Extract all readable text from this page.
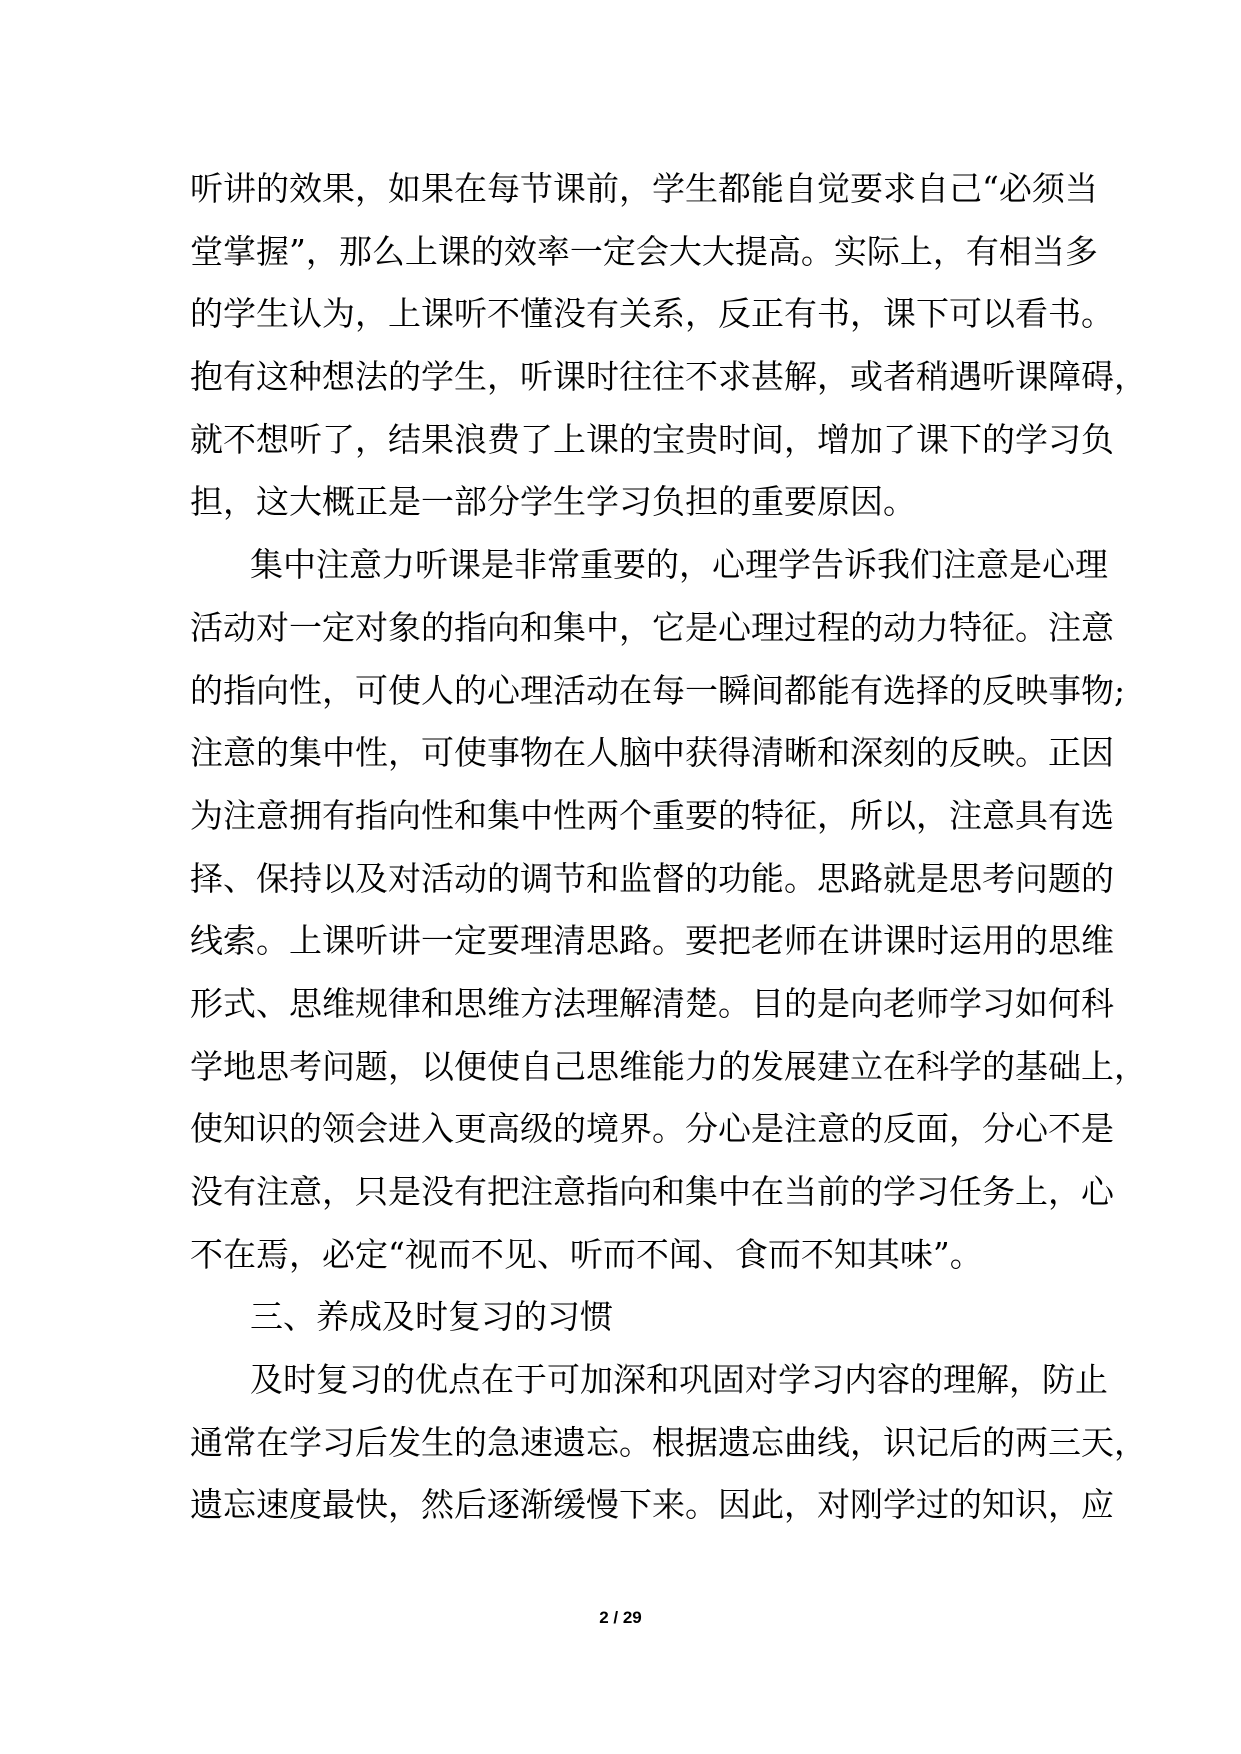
听讲的效果，如果在每节课前，学生都能自觉要求自己“必须当
堂掌握”，那么上课的效率一定会大大提高。实际上，有相当多
的学生认为，上课听不懂没有关系，反正有书，课下可以看书。
抱有这种想法的学生，听课时往往不求甚解，或者稍遇听课障碍，
就不想听了，结果浪费了上课的宝贵时间，增加了课下的学习负
担，这大概正是一部分学生学习负担的重要原因。
集中注意力听课是非常重要的，心理学告诉我们注意是心理
活动对一定对象的指向和集中，它是心理过程的动力特征。注意
的指向性，可使人的心理活动在每一瞬间都能有选择的反映事物;
注意的集中性，可使事物在人脑中获得清晰和深刻的反映。正因
为注意拥有指向性和集中性两个重要的特征，所以，注意具有选
择、保持以及对活动的调节和监督的功能。思路就是思考问题的
线索。上课听讲一定要理清思路。要把老师在讲课时运用的思维
形式、思维规律和思维方法理解清楚。目的是向老师学习如何科
学地思考问题，以便使自己思维能力的发展建立在科学的基础上，
使知识的领会进入更高级的境界。分心是注意的反面，分心不是
没有注意，只是没有把注意指向和集中在当前的学习任务上，心
不在焉，必定“视而不见、听而不闻、食而不知其味”。
三、养成及时复习的习惯
及时复习的优点在于可加深和巩固对学习内容的理解，防止
通常在学习后发生的急速遗忘。根据遗忘曲线，识记后的两三天，
遗忘速度最快，然后逐渐缓慢下来。因此，对刚学过的知识，应
2 / 29
